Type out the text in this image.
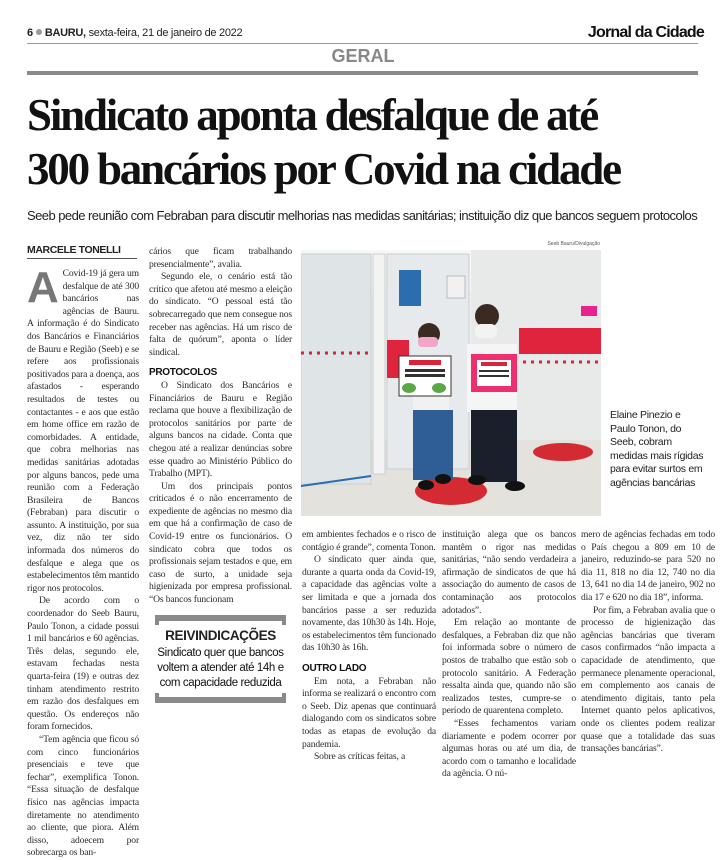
6 BAURU, sexta-feira, 21 de janeiro de 2022	Jornal da Cidade
GERAL
Sindicato aponta desfalque de até
300 bancários por Covid na cidade
Seeb pede reunião com Febraban para discutir melhorias nas medidas sanitárias; instituição diz que bancos seguem protocolos
MARCELE TONELLI

A Covid-19 já gera um desfalque de até 300 bancários nas agências de Bauru. A informação é do Sindicato dos Bancários e Financiários de Bauru e Região (Seeb) e se refere aos profissionais positivados para a doença, aos afastados - esperando resultados de testes ou contactantes - e aos que estão em home office em razão de comorbidades. A entidade, que cobra melhorias nas medidas sanitárias adotadas por alguns bancos, pede uma reunião com a Federação Brasileira de Bancos (Febraban) para discutir o assunto. A instituição, por sua vez, diz não ter sido informada dos números do desfalque e alega que os estabelecimentos têm mantido rigor nos protocolos.

De acordo com o coordenador do Seeb Bauru, Paulo Tonon, a cidade possui 1 mil bancários e 60 agências. Três delas, segundo ele, estavam fechadas nesta quarta-feira (19) e outras dez tinham atendimento restrito em razão dos desfalques em questão. Os endereços não foram fornecidos.

“Tem agência que ficou só com cinco funcionários presenciais e teve que fechar”, exemplifica Tonon. “Essa situação de desfalque físico nas agências impacta diretamente no atendimento ao cliente, que piora. Além disso, adoecem por sobrecarga os ban-

cários que ficam trabalhando presencialmente”, avalia.

Segundo ele, o cenário está tão crítico que afetou até mesmo a eleição do sindicato. “O pessoal está tão sobrecarregado que nem consegue nos receber nas agências. Há um risco de falta de quórum”, aponta o líder sindical.

PROTOCOLOS

O Sindicato dos Bancários e Financiários de Bauru e Região reclama que houve a flexibilização de protocolos sanitários por parte de alguns bancos na cidade. Conta que chegou até a realizar denúncias sobre esse quadro ao Ministério Público do Trabalho (MPT).

Um dos principais pontos criticados é o não encerramento de expediente de agências no mesmo dia em que há a confirmação de caso de Covid-19 entre os funcionários. O sindicato cobra que todos os profissionais sejam testados e que, em caso de surto, a unidade seja higienizada por empresa profissional. “Os bancos funcionam

REIVINDICAÇÕES
Sindicato quer que bancos voltem a atender até 14h e com capacidade reduzida
Seeb Bauru/Divulgação
Elaine Pinezio e Paulo Tonon, do Seeb, cobram medidas mais rígidas para evitar surtos em agências bancárias

em ambientes fechados e o risco de contágio é grande”, comenta Tonon.

O sindicato quer ainda que, durante a quarta onda da Covid-19, a capacidade das agências volte a ser limitada e que a jornada dos bancários passe a ser reduzida novamente, das 10h30 às 14h. Hoje, os estabelecimentos têm funcionado das 10h30 às 16h.

OUTRO LADO

Em nota, a Febraban não informa se realizará o encontro com o Seeb. Diz apenas que continuará dialogando com os sindicatos sobre todas as etapas de evolução da pandemia.

Sobre as críticas feitas, a

instituição alega que os bancos mantêm o rigor nas medidas sanitárias, “não sendo verdadeira a afirmação de sindicatos de que há associação do aumento de casos de contaminação aos protocolos adotados”.

Em relação ao montante de desfalques, a Febraban diz que não foi informada sobre o número de postos de trabalho que estão sob o protocolo sanitário. A Federação ressalta ainda que, quando não são realizados testes, cumpre-se o período de quarentena completo.

“Esses fechamentos variam diariamente e podem ocorrer por algumas horas ou até um dia, de acordo com o tamanho e localidade da agência. O nú-

mero de agências fechadas em todo o País chegou a 809 em 10 de janeiro, reduzindo-se para 520 no dia 11, 818 no dia 12, 740 no dia 13, 641 no dia 14 de janeiro, 902 no dia 17 e 620 no dia 18”, informa.

Por fim, a Febraban avalia que o processo de higienização das agências bancárias que tiveram casos confirmados “não impacta a capacidade de atendimento, que permanece plenamente operacional, em complemento aos canais de atendimento digitais, tanto pela Internet quanto pelos aplicativos, onde os clientes podem realizar quase que a totalidade das suas transações bancárias”.
